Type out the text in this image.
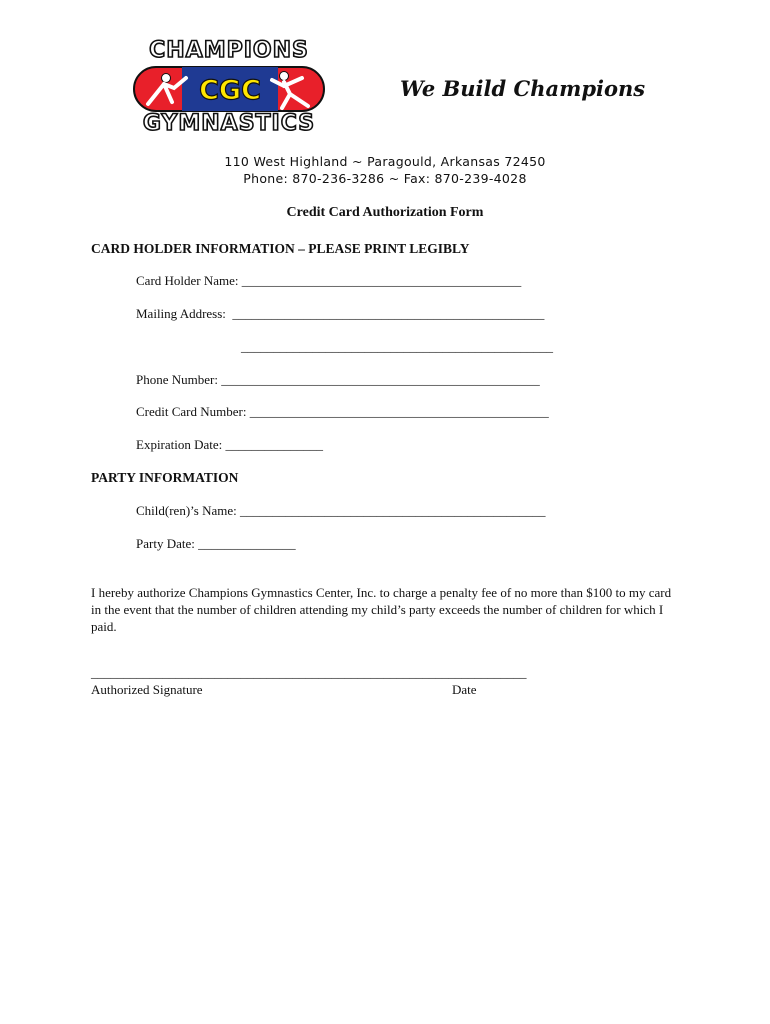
CHAMPIONS
CGC
GYMNASTICS
We Build Champions
110 West Highland ~ Paragould, Arkansas 72450
Phone: 870-236-3286 ~ Fax: 870-239-4028
Credit Card Authorization Form
CARD HOLDER INFORMATION – PLEASE PRINT LEGIBLY
Card Holder Name: ___________________________________________
Mailing Address:  ________________________________________________
________________________________________________
Phone Number: _________________________________________________
Credit Card Number: ______________________________________________
Expiration Date: _______________
PARTY INFORMATION
Child(ren)’s Name: _______________________________________________
Party Date: _______________
I hereby authorize Champions Gymnastics Center, Inc. to charge a penalty fee of no more than $100 to my card in the event that the number of children attending my child’s party exceeds the number of children for which I paid.
___________________________________________________________________
Authorized Signature	Date
